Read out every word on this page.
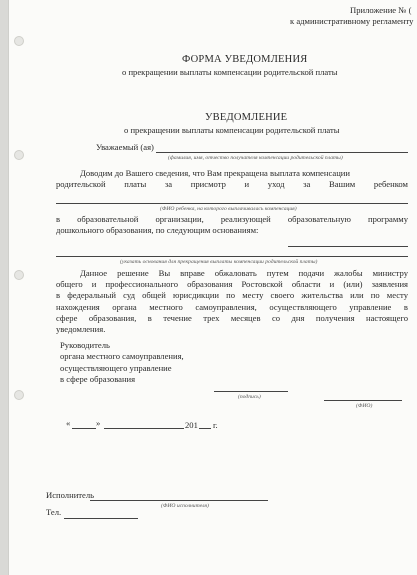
Приложение № (
к административному регламенту
ФОРМА УВЕДОМЛЕНИЯ
о прекращении выплаты компенсации родительской платы
УВЕДОМЛЕНИЕ
о прекращении выплаты компенсации родительской платы
Уважаемый (ая)
(фамилия, имя, отчество получателя компенсации родительской платы)
Доводим до Вашего сведения, что Вам прекращена выплата компенсации
родительской платы за присмотр и уход за Вашим ребенком
(ФИО ребенка, на которого выплачивалась компенсация)
в образовательной организации, реализующей образовательную программу
дошкольного образования, по следующим основаниям:
(указать основания для прекращения выплаты компенсации родительской платы)
Данное решение Вы вправе обжаловать путем подачи жалобы министру
общего и профессионального образования Ростовской области и (или) заявления
в федеральный суд общей юрисдикции по месту своего жительства или по месту
нахождения органа местного самоуправления, осуществляющего управление в
сфере образования, в течение трех месяцев со дня получения настоящего
уведомления.
Руководитель
органа местного самоуправления,
осуществляющего управление
в сфере образования
(подпись)
(ФИО)
«	»	201 г.
Исполнитель
(ФИО исполнителя)
Тел.
